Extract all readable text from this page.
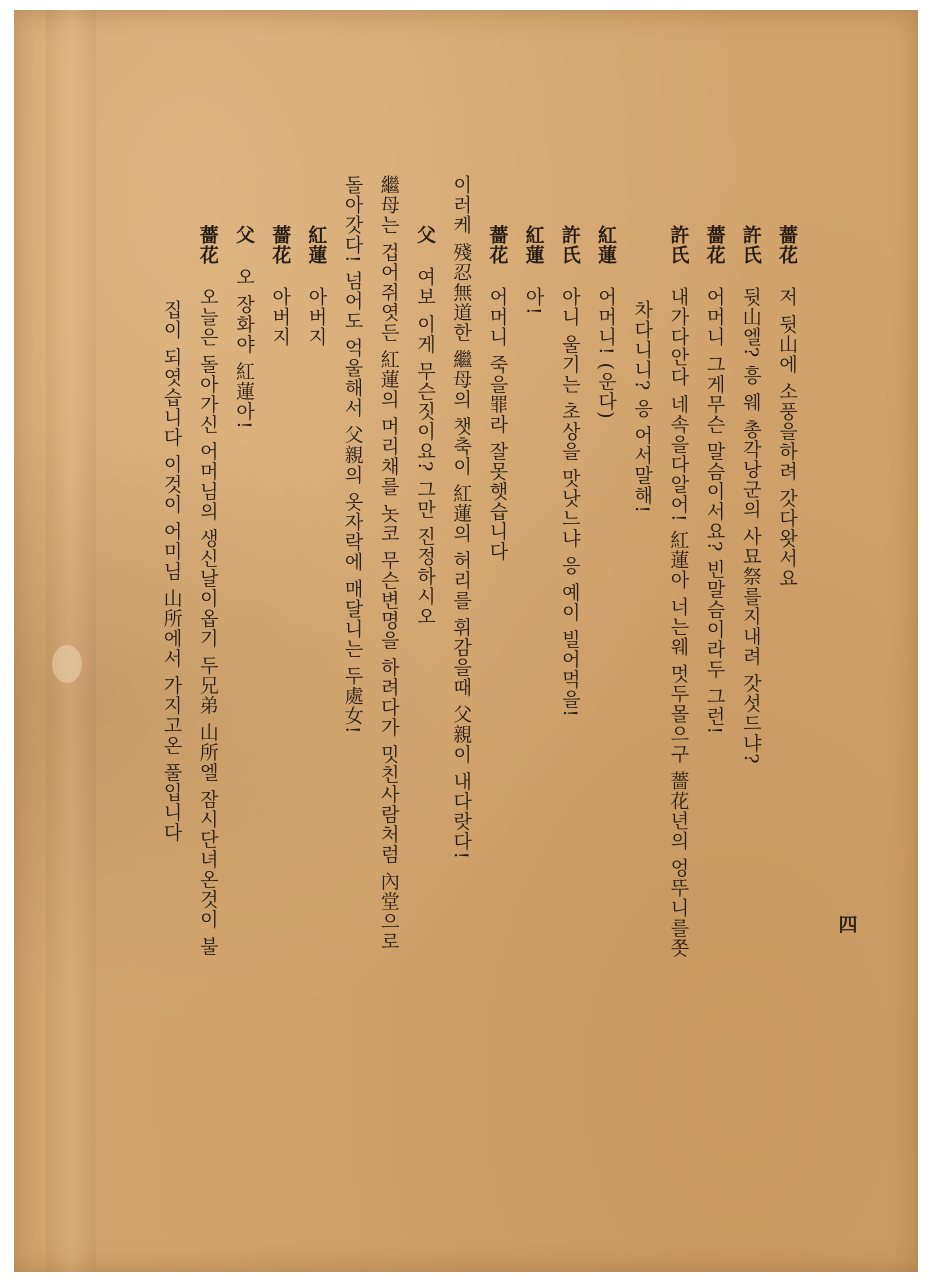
四
薔花저 뒷山에 소풍을하려 갓다왓서요
許氏뒷山엘? 흥 웨 총각낭군의 사묘祭를지내려 갓섯드냐?
薔花어머니 그게무슨 말슴이서요? 빈말슴이라두 그런!
許氏내가다안다 네속을다알어! 紅蓮아 너는웨 멋두몰으구 薔花년의 엉뚜니를쫏
차다니니? 응 어서말해!
紅蓮어머니! (운다)
許氏아니 울기는 초상을 맛낫느냐 응 예이 빌어먹을!
紅蓮아!
薔花어머니 죽을罪라 잘못햇습니다
이러케 殘忍無道한 繼母의 챗축이 紅蓮의 허리를 휘감을때 父親이 내다랏다!
父여보 이게 무슨짓이요? 그만 진정하시오
繼母는 겁어쥐엿든 紅蓮의 머리채를 놋코 무슨변명을 하려다가 밋친사람처럼 內堂으로
돌아갓다! 넘어도 억울해서 父親의 옷자락에 매달니는 두處女!
紅蓮아버지
薔花아버지
父오 장화야 紅蓮아!
薔花오늘은 돌아가신 어머님의 생신날이옵기 두兄弟 山所엘 잠시단녀온것이 불
집이 되엿습니다 이것이 어미님 山所에서 가지고온 풀입니다
